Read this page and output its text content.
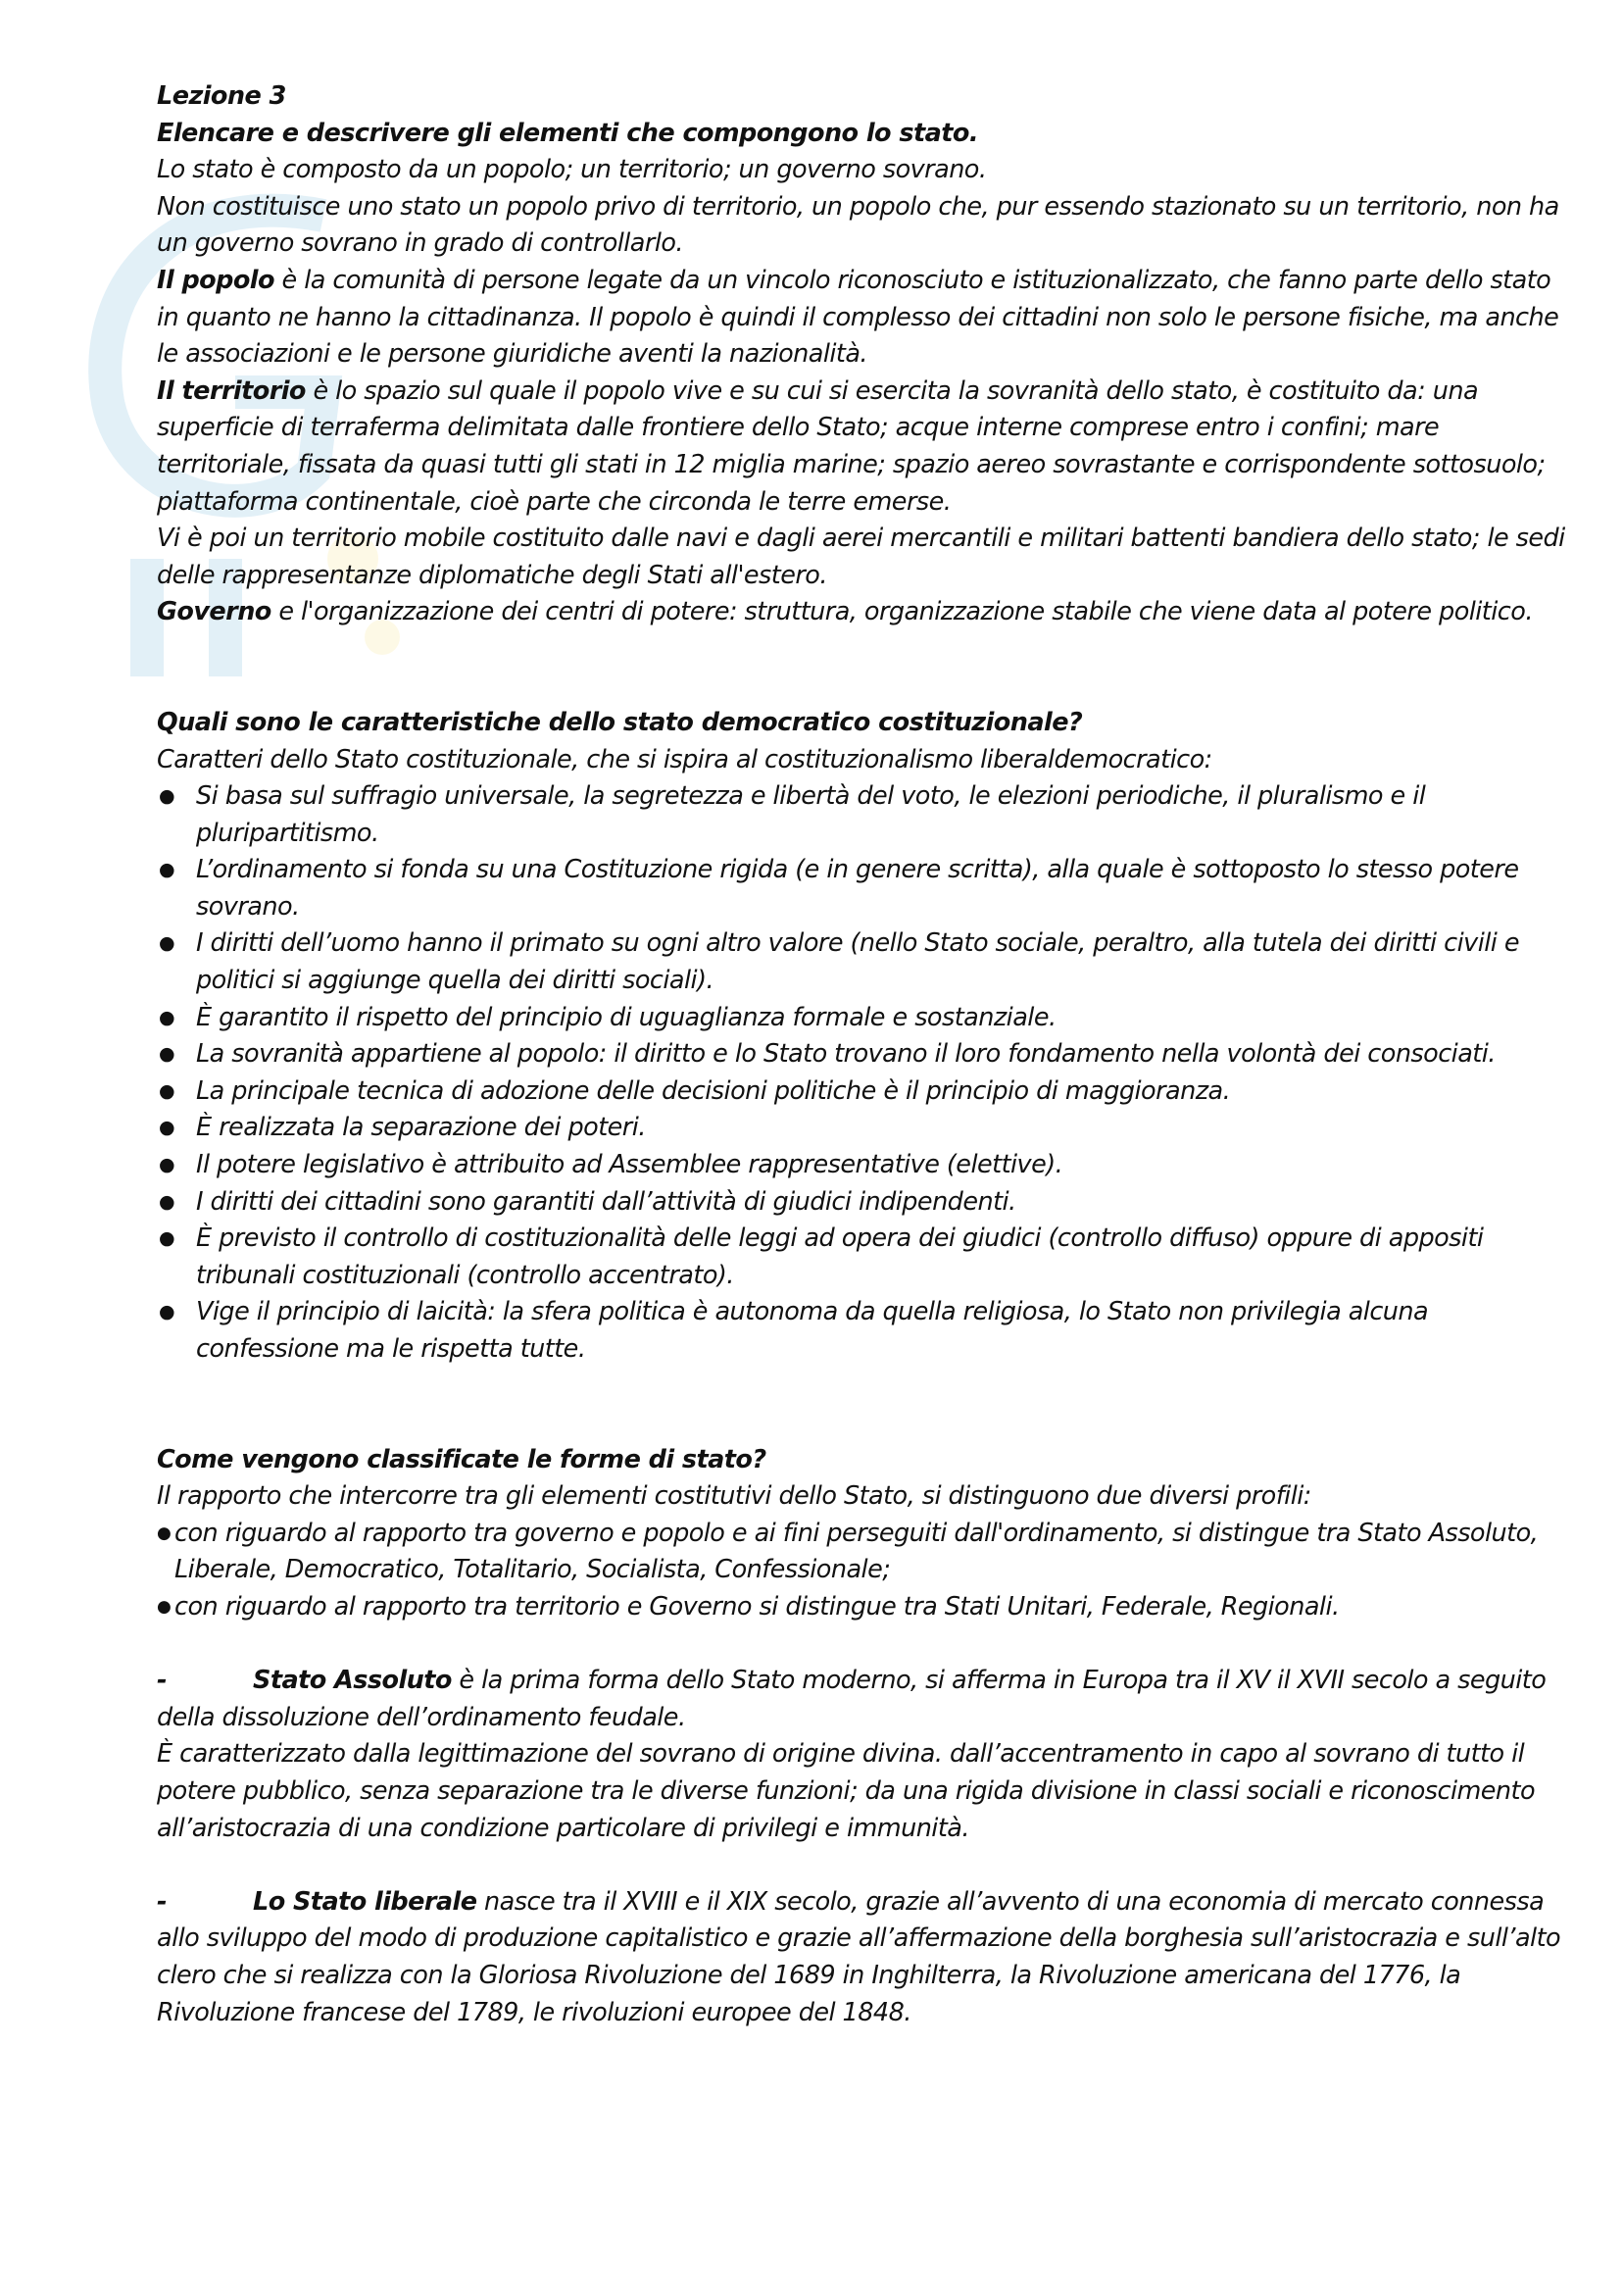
Lezione 3

Elencare e descrivere gli elementi che compongono lo stato.

Lo stato è composto da un popolo; un territorio; un governo sovrano.

Non costituisce uno stato un popolo privo di territorio, un popolo che, pur essendo stazionato su un territorio, non ha un governo sovrano in grado di controllarlo.

Il popolo è la comunità di persone legate da un vincolo riconosciuto e istituzionalizzato, che fanno parte dello stato in quanto ne hanno la cittadinanza. Il popolo è quindi il complesso dei cittadini non solo le persone fisiche, ma anche le associazioni e le persone giuridiche aventi la nazionalità.

Il territorio è lo spazio sul quale il popolo vive e su cui si esercita la sovranità dello stato, è costituito da: una superficie di terraferma delimitata dalle frontiere dello Stato; acque interne comprese entro i confini; mare territoriale, fissata da quasi tutti gli stati in 12 miglia marine; spazio aereo sovrastante e corrispondente sottosuolo; piattaforma continentale, cioè parte che circonda le terre emerse.

Vi è poi un territorio mobile costituito dalle navi e dagli aerei mercantili e militari battenti bandiera dello stato; le sedi delle rappresentanze diplomatiche degli Stati all'estero.

Governo e l'organizzazione dei centri di potere: struttura, organizzazione stabile che viene data al potere politico.

Quali sono le caratteristiche dello stato democratico costituzionale?

Caratteri dello Stato costituzionale, che si ispira al costituzionalismo liberaldemocratico:

● Si basa sul suffragio universale, la segretezza e libertà del voto, le elezioni periodiche, il pluralismo e il pluripartitismo.
● L’ordinamento si fonda su una Costituzione rigida (e in genere scritta), alla quale è sottoposto lo stesso potere sovrano.
● I diritti dell’uomo hanno il primato su ogni altro valore (nello Stato sociale, peraltro, alla tutela dei diritti civili e politici si aggiunge quella dei diritti sociali).
● È garantito il rispetto del principio di uguaglianza formale e sostanziale.
● La sovranità appartiene al popolo: il diritto e lo Stato trovano il loro fondamento nella volontà dei consociati.
● La principale tecnica di adozione delle decisioni politiche è il principio di maggioranza.
● È realizzata la separazione dei poteri.
● Il potere legislativo è attribuito ad Assemblee rappresentative (elettive).
● I diritti dei cittadini sono garantiti dall’attività di giudici indipendenti.
● È previsto il controllo di costituzionalità delle leggi ad opera dei giudici (controllo diffuso) oppure di appositi tribunali costituzionali (controllo accentrato).
● Vige il principio di laicità: la sfera politica è autonoma da quella religiosa, lo Stato non privilegia alcuna confessione ma le rispetta tutte.

Come vengono classificate le forme di stato?

Il rapporto che intercorre tra gli elementi costitutivi dello Stato, si distinguono due diversi profili:

● con riguardo al rapporto tra governo e popolo e ai fini perseguiti dall'ordinamento, si distingue tra Stato Assoluto, Liberale, Democratico, Totalitario, Socialista, Confessionale;
● con riguardo al rapporto tra territorio e Governo si distingue tra Stati Unitari, Federale, Regionali.

-	Stato Assoluto è la prima forma dello Stato moderno, si afferma in Europa tra il XV il XVII secolo a seguito della dissoluzione dell’ordinamento feudale.

È caratterizzato dalla legittimazione del sovrano di origine divina. dall’accentramento in capo al sovrano di tutto il potere pubblico, senza separazione tra le diverse funzioni; da una rigida divisione in classi sociali e riconoscimento all’aristocrazia di una condizione particolare di privilegi e immunità.

-	Lo Stato liberale nasce tra il XVIII e il XIX secolo, grazie all’avvento di una economia di mercato connessa allo sviluppo del modo di produzione capitalistico e grazie all’affermazione della borghesia sull’aristocrazia e sull’alto clero che si realizza con la Gloriosa Rivoluzione del 1689 in Inghilterra, la Rivoluzione americana del 1776, la Rivoluzione francese del 1789, le rivoluzioni europee del 1848.
